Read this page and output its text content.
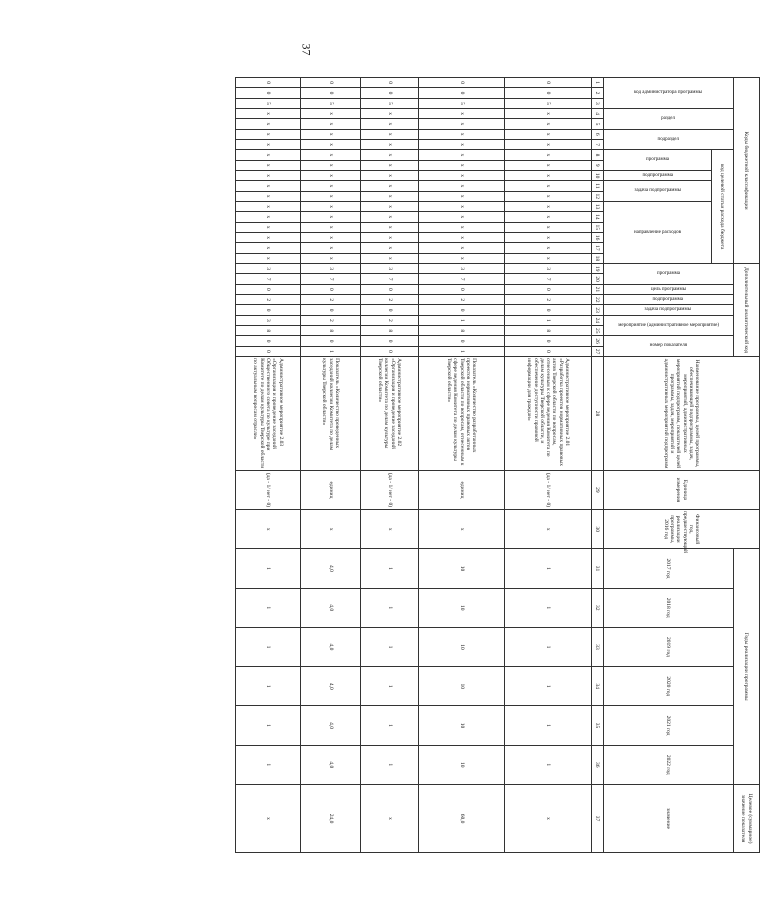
37
Коды бюджетной классификации																		Дополнительный аналитический код									Наименование программы, целей программы, обеспечивающей подпрограммы, задач, мероприятий, административных мероприятий подпрограмм, показателей целей программы, задач, мероприятий и административных мероприятий подпрограмм	Единица измерения	Финансовый год, предшествующий реализации программы, 2016 год	Годы реализации программы						Целевое (суммарное) значение показателя

код администратора программы			раздел		подраздел		код целевой статьи расхода бюджета											программа		цель программы	подпрограмма	задача подпрограммы	мероприятие (административное мероприятие)		номер показателя					2017 год	2018 год	2019 год	2020 год	2021 год	2022 год	значение

							программа		подпрограмма	задача подпрограммы		направление расходов																								

1	2	3	4	5	6	7	8	9	10	11	12	13	14	15	16	17	18	19	20	21	22	23	24	25	26	27	28	29	30	31	32	33	34	35	36	37
0	0	5	x	x	x	x	x	x	x	x	x	x	x	x	x	x	x	3	7	0	2	0	1	8	0	0	Административное мероприятие 2.01 «Разработка проектов нормативных правовых актов Тверской области по вопросам, отнесенным к сфере ведения Комитета по делам культуры Тверской области, и обеспечение доступности правовой информации для граждан»	(да - 1/ нет - 0)	x	1	1	1	1	1	1	x
0	0	5	x	x	x	x	x	x	x	x	x	x	x	x	x	x	x	3	7	0	2	0	1	8	0	1	Показатель «Количество разработанных проектов нормативных правовых актов Тверской области по вопросам, отнесенным к сфере ведения Комитета по делам культуры Тверской области»	единиц	x	10	10	10	10	10	10	60,0
0	0	5	x	x	x	x	x	x	x	x	x	x	x	x	x	x	x	3	7	0	2	0	2	8	0	0	Административное мероприятие 2.02 «Организация и проведение заседаний коллегии Комитета по делам культуры Тверской области»	(да - 1/ нет - 0)	x	1	1	1	1	1	1	x
0	0	5	x	x	x	x	x	x	x	x	x	x	x	x	x	x	x	3	7	0	2	0	2	8	0	1	Показатель «Количество проведенных заседаний коллегии Комитета по делам культуры Тверской области»	единиц	x	4,0	4,0	4,0	4,0	4,0	4,0	24,0
0	0	5	x	x	x	x	x	x	x	x	x	x	x	x	x	x	x	3	7	0	2	0	3	8	0	0	Административное мероприятие 2.03 «Организация и проведение заседаний Общественного совета по культуре при Комитете по делам культуры Тверской области по актуальным вопросам отрасли»	(да - 1/ нет - 0)	x	1	1	1	1	1	1	x
